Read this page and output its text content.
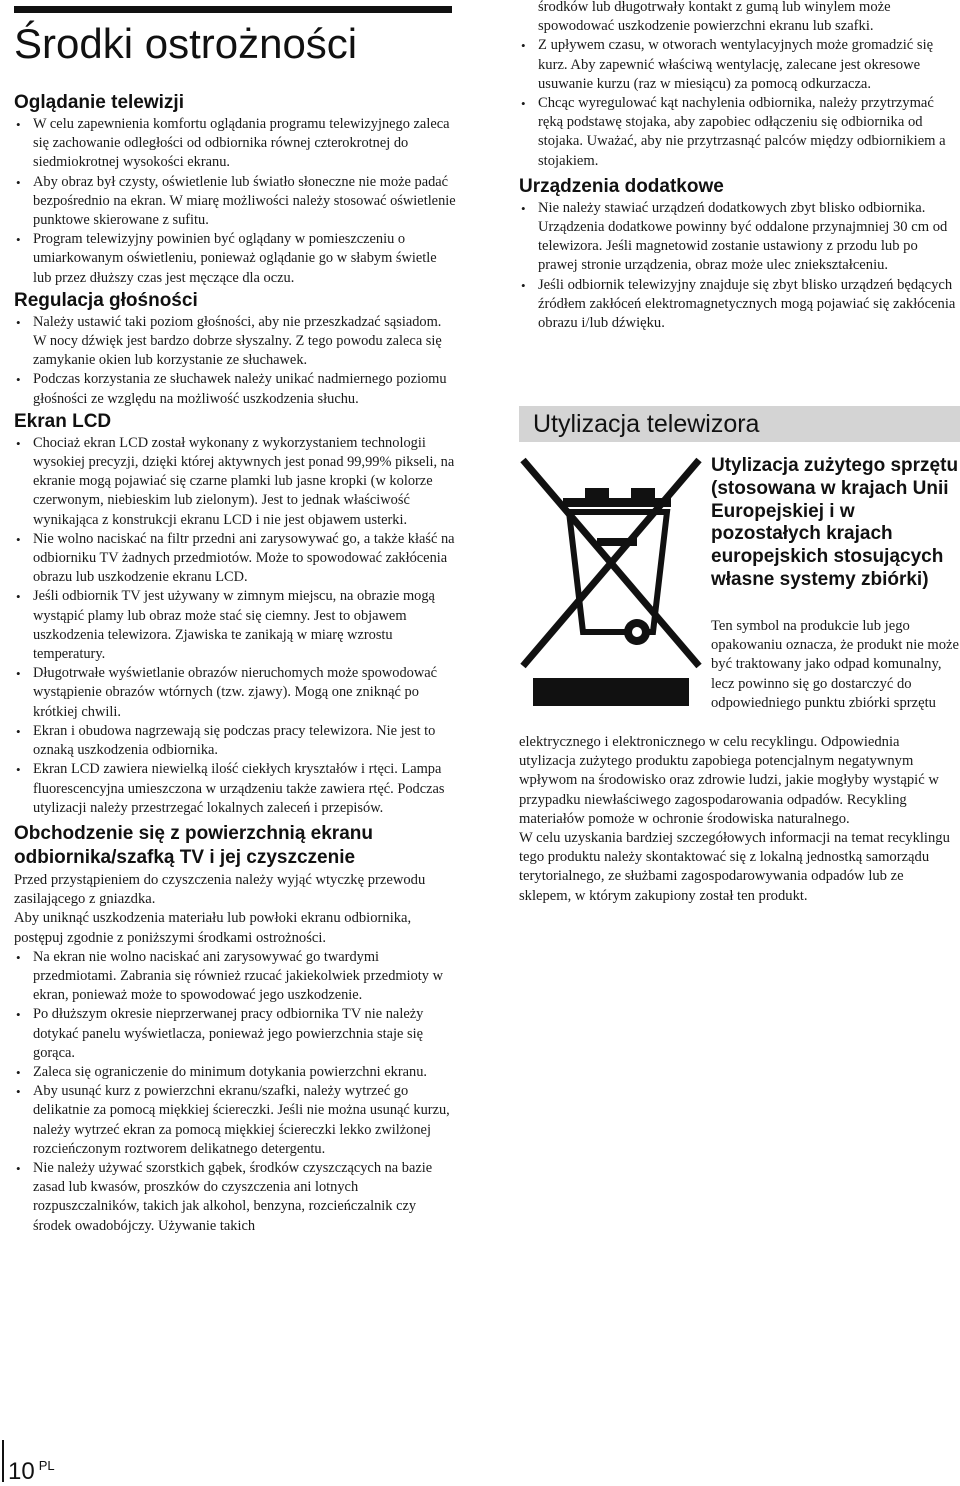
Środki ostrożności
Oglądanie telewizji
• W celu zapewnienia komfortu oglądania programu telewizyjnego zaleca się zachowanie odległości od odbiornika równej czterokrotnej do siedmiokrotnej wysokości ekranu.
• Aby obraz był czysty, oświetlenie lub światło słoneczne nie może padać bezpośrednio na ekran. W miarę możliwości należy stosować oświetlenie punktowe skierowane z sufitu.
• Program telewizyjny powinien być oglądany w pomieszczeniu o umiarkowanym oświetleniu, ponieważ oglądanie go w słabym świetle lub przez dłuższy czas jest męczące dla oczu.
Regulacja głośności
• Należy ustawić taki poziom głośności, aby nie przeszkadzać sąsiadom. W nocy dźwięk jest bardzo dobrze słyszalny. Z tego powodu zaleca się zamykanie okien lub korzystanie ze słuchawek.
• Podczas korzystania ze słuchawek należy unikać nadmiernego poziomu głośności ze względu na możliwość uszkodzenia słuchu.
Ekran LCD
• Chociaż ekran LCD został wykonany z wykorzystaniem technologii wysokiej precyzji, dzięki której aktywnych jest ponad 99,99% pikseli, na ekranie mogą pojawiać się czarne plamki lub jasne kropki (w kolorze czerwonym, niebieskim lub zielonym). Jest to jednak właściwość wynikająca z konstrukcji ekranu LCD i nie jest objawem usterki.
• Nie wolno naciskać na filtr przedni ani zarysowywać go, a także kłaść na odbiorniku TV żadnych przedmiotów. Może to spowodować zakłócenia obrazu lub uszkodzenie ekranu LCD.
• Jeśli odbiornik TV jest używany w zimnym miejscu, na obrazie mogą wystąpić plamy lub obraz może stać się ciemny. Jest to objawem uszkodzenia telewizora. Zjawiska te zanikają w miarę wzrostu temperatury.
• Długotrwałe wyświetlanie obrazów nieruchomych może spowodować wystąpienie obrazów wtórnych (tzw. zjawy). Mogą one zniknąć po krótkiej chwili.
• Ekran i obudowa nagrzewają się podczas pracy telewizora. Nie jest to oznaką uszkodzenia odbiornika.
• Ekran LCD zawiera niewielką ilość ciekłych kryształów i rtęci. Lampa fluorescencyjna umieszczona w urządzeniu także zawiera rtęć. Podczas utylizacji należy przestrzegać lokalnych zaleceń i przepisów.
Obchodzenie się z powierzchnią ekranu odbiornika/szafką TV i jej czyszczenie

Przed przystąpieniem do czyszczenia należy wyjąć wtyczkę przewodu zasilającego z gniazdka.

Aby uniknąć uszkodzenia materiału lub powłoki ekranu odbiornika, postępuj zgodnie z poniższymi środkami ostrożności.

• Na ekran nie wolno naciskać ani zarysowywać go twardymi przedmiotami. Zabrania się również rzucać jakiekolwiek przedmioty w ekran, ponieważ może to spowodować jego uszkodzenie.
• Po dłuższym okresie nieprzerwanej pracy odbiornika TV nie należy dotykać panelu wyświetlacza, ponieważ jego powierzchnia staje się gorąca.
• Zaleca się ograniczenie do minimum dotykania powierzchni ekranu.
• Aby usunąć kurz z powierzchni ekranu/szafki, należy wytrzeć go delikatnie za pomocą miękkiej ściereczki. Jeśli nie można usunąć kurzu, należy wytrzeć ekran za pomocą miękkiej ściereczki lekko zwilżonej rozcieńczonym roztworem delikatnego detergentu.
• Nie należy używać szorstkich gąbek, środków czyszczących na bazie zasad lub kwasów, proszków do czyszczenia ani lotnych rozpuszczalników, takich jak alkohol, benzyna, rozcieńczalnik czy środek owadobójczy. Używanie takich

środków lub długotrwały kontakt z gumą lub winylem może spowodować uszkodzenie powierzchni ekranu lub szafki.

• Z upływem czasu, w otworach wentylacyjnych może gromadzić się kurz. Aby zapewnić właściwą wentylację, zalecane jest okresowe usuwanie kurzu (raz w miesiącu) za pomocą odkurzacza.
• Chcąc wyregulować kąt nachylenia odbiornika, należy przytrzymać ręką podstawę stojaka, aby zapobiec odłączeniu się odbiornika od stojaka. Uważać, aby nie przytrzasnąć palców między odbiornikiem a stojakiem.
Urządzenia dodatkowe
• Nie należy stawiać urządzeń dodatkowych zbyt blisko odbiornika. Urządzenia dodatkowe powinny być oddalone przynajmniej 30 cm od telewizora. Jeśli magnetowid zostanie ustawiony z przodu lub po prawej stronie urządzenia, obraz może ulec zniekształceniu.
• Jeśli odbiornik telewizyjny znajduje się zbyt blisko urządzeń będących źródłem zakłóceń elektromagnetycznych mogą pojawiać się zakłócenia obrazu i/lub dźwięku.
Utylizacja telewizora
Utylizacja zużytego sprzętu (stosowana w krajach Unii Europejskiej i w pozostałych krajach europejskich stosujących własne systemy zbiórki)

Ten symbol na produkcie lub jego opakowaniu oznacza, że produkt nie może być traktowany jako odpad komunalny, lecz powinno się go dostarczyć do odpowiedniego punktu zbiórki sprzętu

elektrycznego i elektronicznego w celu recyklingu. Odpowiednia utylizacja zużytego produktu zapobiega potencjalnym negatywnym wpływom na środowisko oraz zdrowie ludzi, jakie mogłyby wystąpić w przypadku niewłaściwego zagospodarowania odpadów. Recykling materiałów pomoże w ochronie środowiska naturalnego.

W celu uzyskania bardziej szczegółowych informacji na temat recyklingu tego produktu należy skontaktować się z lokalną jednostką samorządu terytorialnego, ze służbami zagospodarowywania odpadów lub ze sklepem, w którym zakupiony został ten produkt.

10 $^{PL}$
